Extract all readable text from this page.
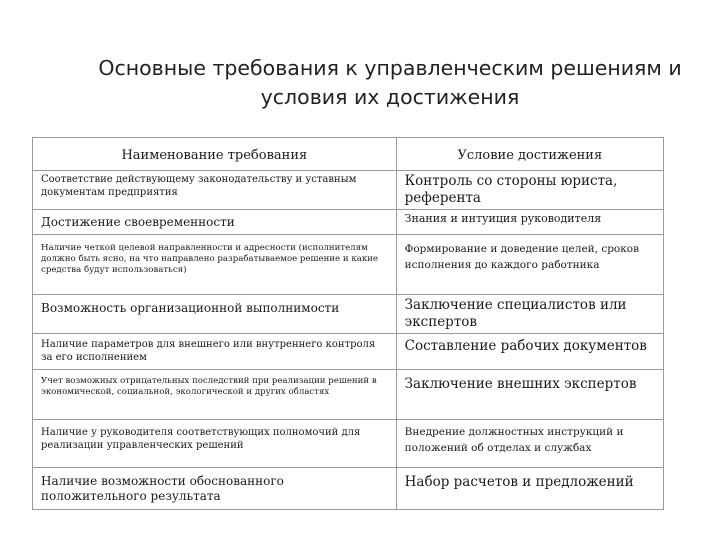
Основные требования к управленческим решениям и
условия их достижения
Наименование требования	Условие достижения
Соответствие действующему законодательству и уставным документам предприятия	Контроль со стороны юриста, референта
Достижение своевременности	Знания и интуиция руководителя
Наличие четкой целевой направленности и адресности (исполнителям должно быть ясно, на что направлено разрабатываемое решение и какие средства будут использоваться)	Формирование и доведение целей, сроков исполнения до каждого работника
Возможность организационной выполнимости	Заключение специалистов или экспертов
Наличие параметров для внешнего или внутреннего контроля за его исполнением	Составление рабочих документов
Учет возможных отрицательных последствий при реализации решений в экономической, социальной, экологической и других областях	Заключение внешних экспертов
Наличие у руководителя соответствующих полномочий для реализации управленческих решений	Внедрение должностных инструкций и положений об отделах и службах
Наличие возможности обоснованного положительного результата	Набор расчетов и предложений
